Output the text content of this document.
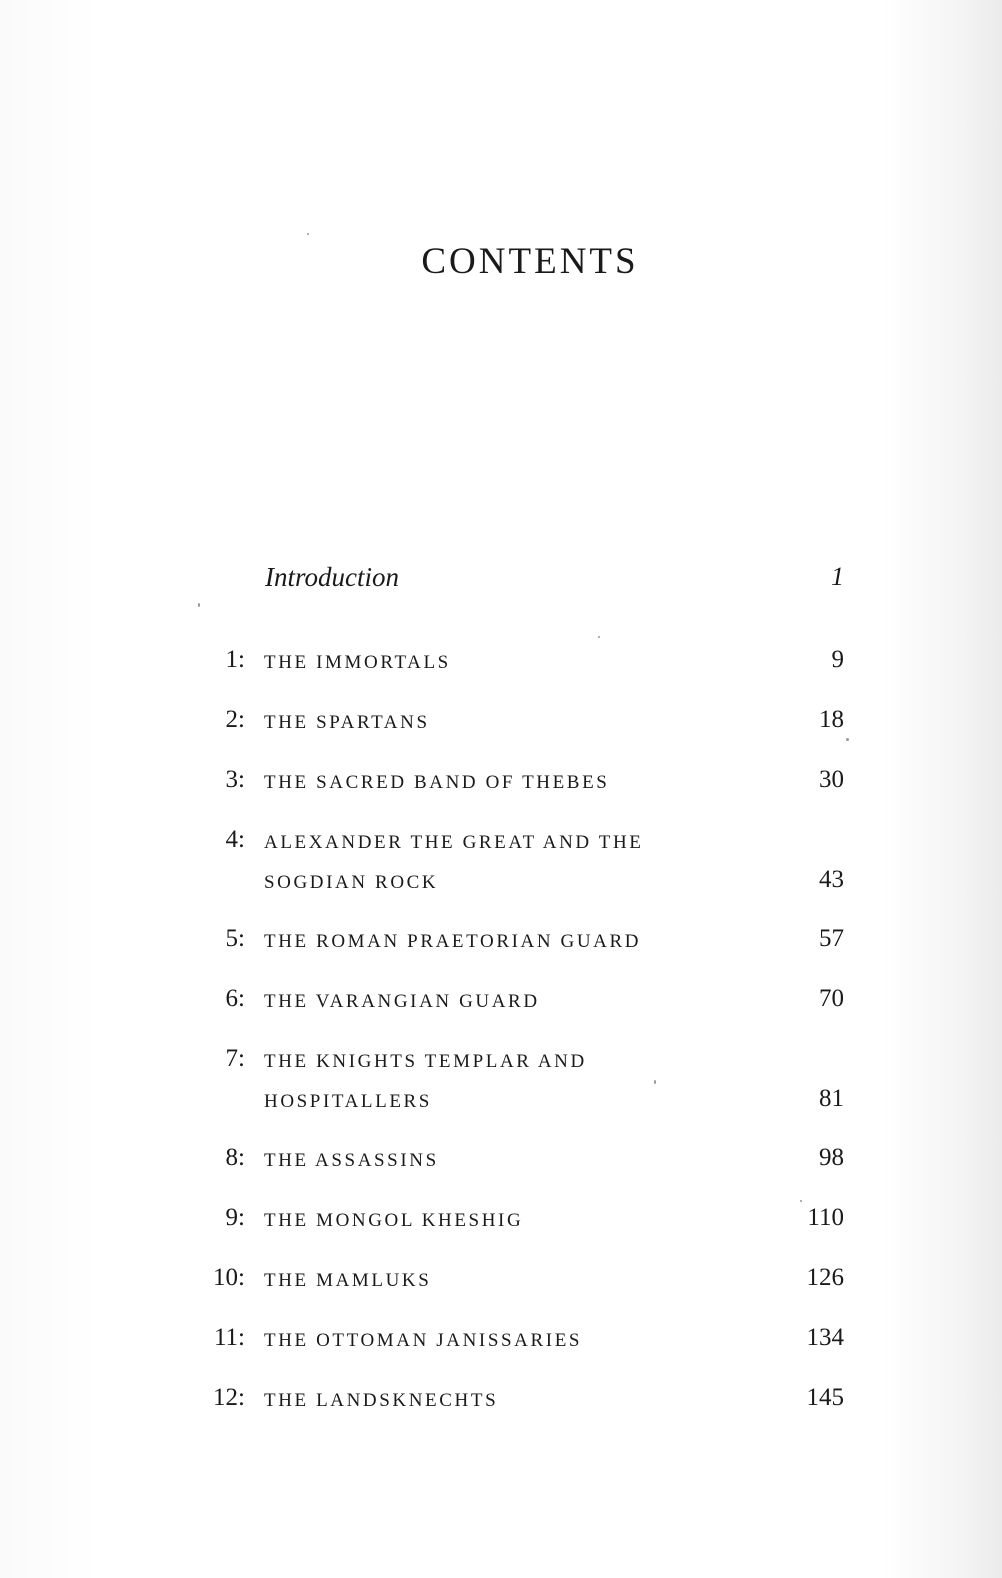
CONTENTS
Introduction	1
1: THE IMMORTALS	9
2: THE SPARTANS	18
3: THE SACRED BAND OF THEBES	30
4: ALEXANDER THE GREAT AND THE
SOGDIAN ROCK	43
5: THE ROMAN PRAETORIAN GUARD	57
6: THE VARANGIAN GUARD	70
7: THE KNIGHTS TEMPLAR AND
HOSPITALLERS	81
8: THE ASSASSINS	98
9: THE MONGOL KHESHIG	110
10: THE MAMLUKS	126
11: THE OTTOMAN JANISSARIES	134
12: THE LANDSKNECHTS	145
